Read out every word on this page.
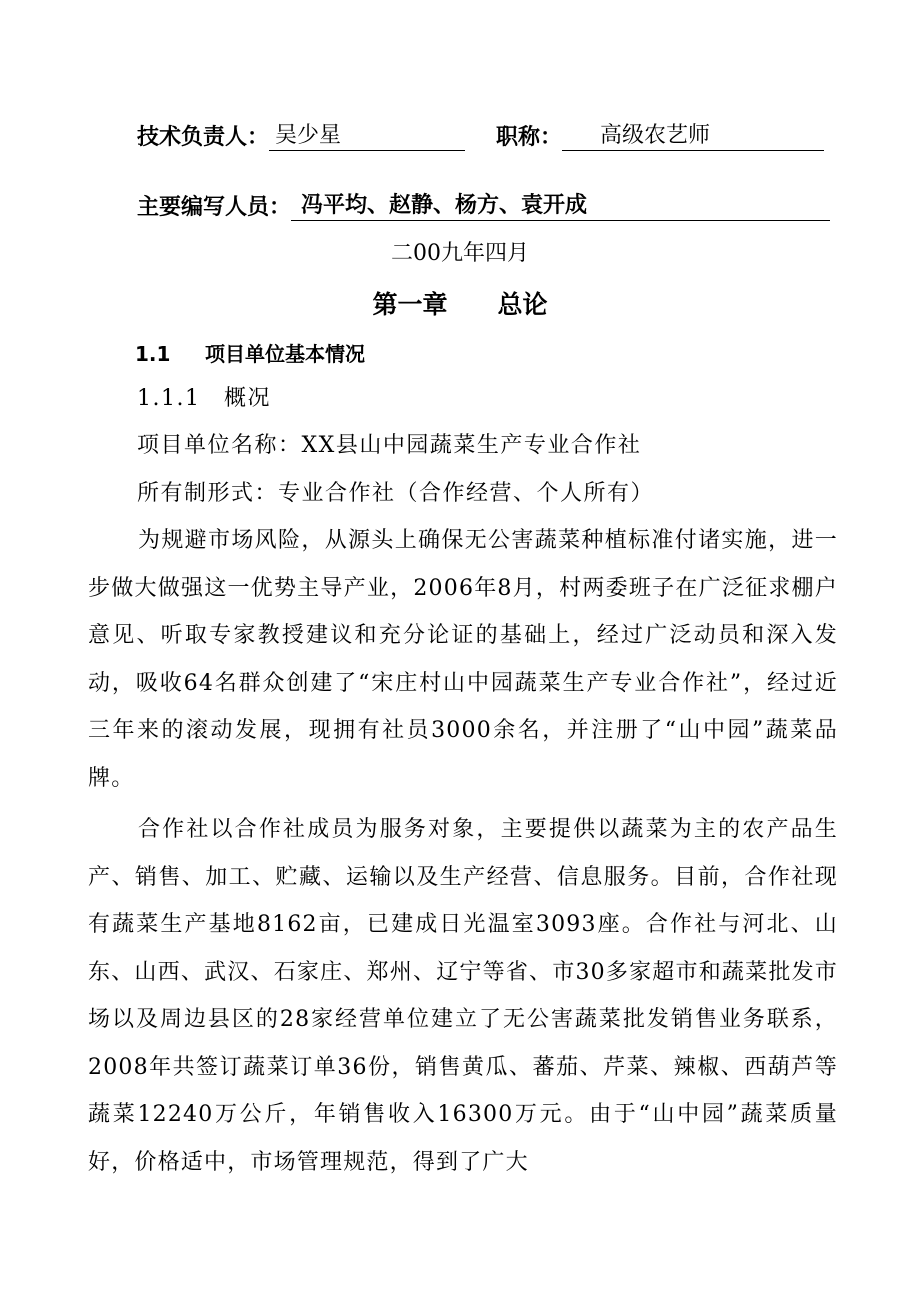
技术负责人： 吴少星	职称： 高级农艺师
主要编写人员： 冯平均、赵静、杨方、袁开成
二00九年四月
第一章 总论
1.1 项目单位基本情况
1.1.1　概况
项目单位名称：XX县山中园蔬菜生产专业合作社
所有制形式：专业合作社（合作经营、个人所有）
为规避市场风险，从源头上确保无公害蔬菜种植标准付诸实施，进一步做大做强这一优势主导产业，2006年8月，村两委班子在广泛征求棚户意见、听取专家教授建议和充分论证的基础上，经过广泛动员和深入发动，吸收64名群众创建了“宋庄村山中园蔬菜生产专业合作社”，经过近三年来的滚动发展，现拥有社员3000余名，并注册了“山中园”蔬菜品牌。
合作社以合作社成员为服务对象，主要提供以蔬菜为主的农产品生产、销售、加工、贮藏、运输以及生产经营、信息服务。目前，合作社现有蔬菜生产基地8162亩，已建成日光温室3093座。合作社与河北、山东、山西、武汉、石家庄、郑州、辽宁等省、市30多家超市和蔬菜批发市场以及周边县区的28家经营单位建立了无公害蔬菜批发销售业务联系，2008年共签订蔬菜订单36份，销售黄瓜、蕃茄、芹菜、辣椒、西葫芦等蔬菜12240万公斤，年销售收入16300万元。由于“山中园”蔬菜质量好，价格适中，市场管理规范，得到了广大
